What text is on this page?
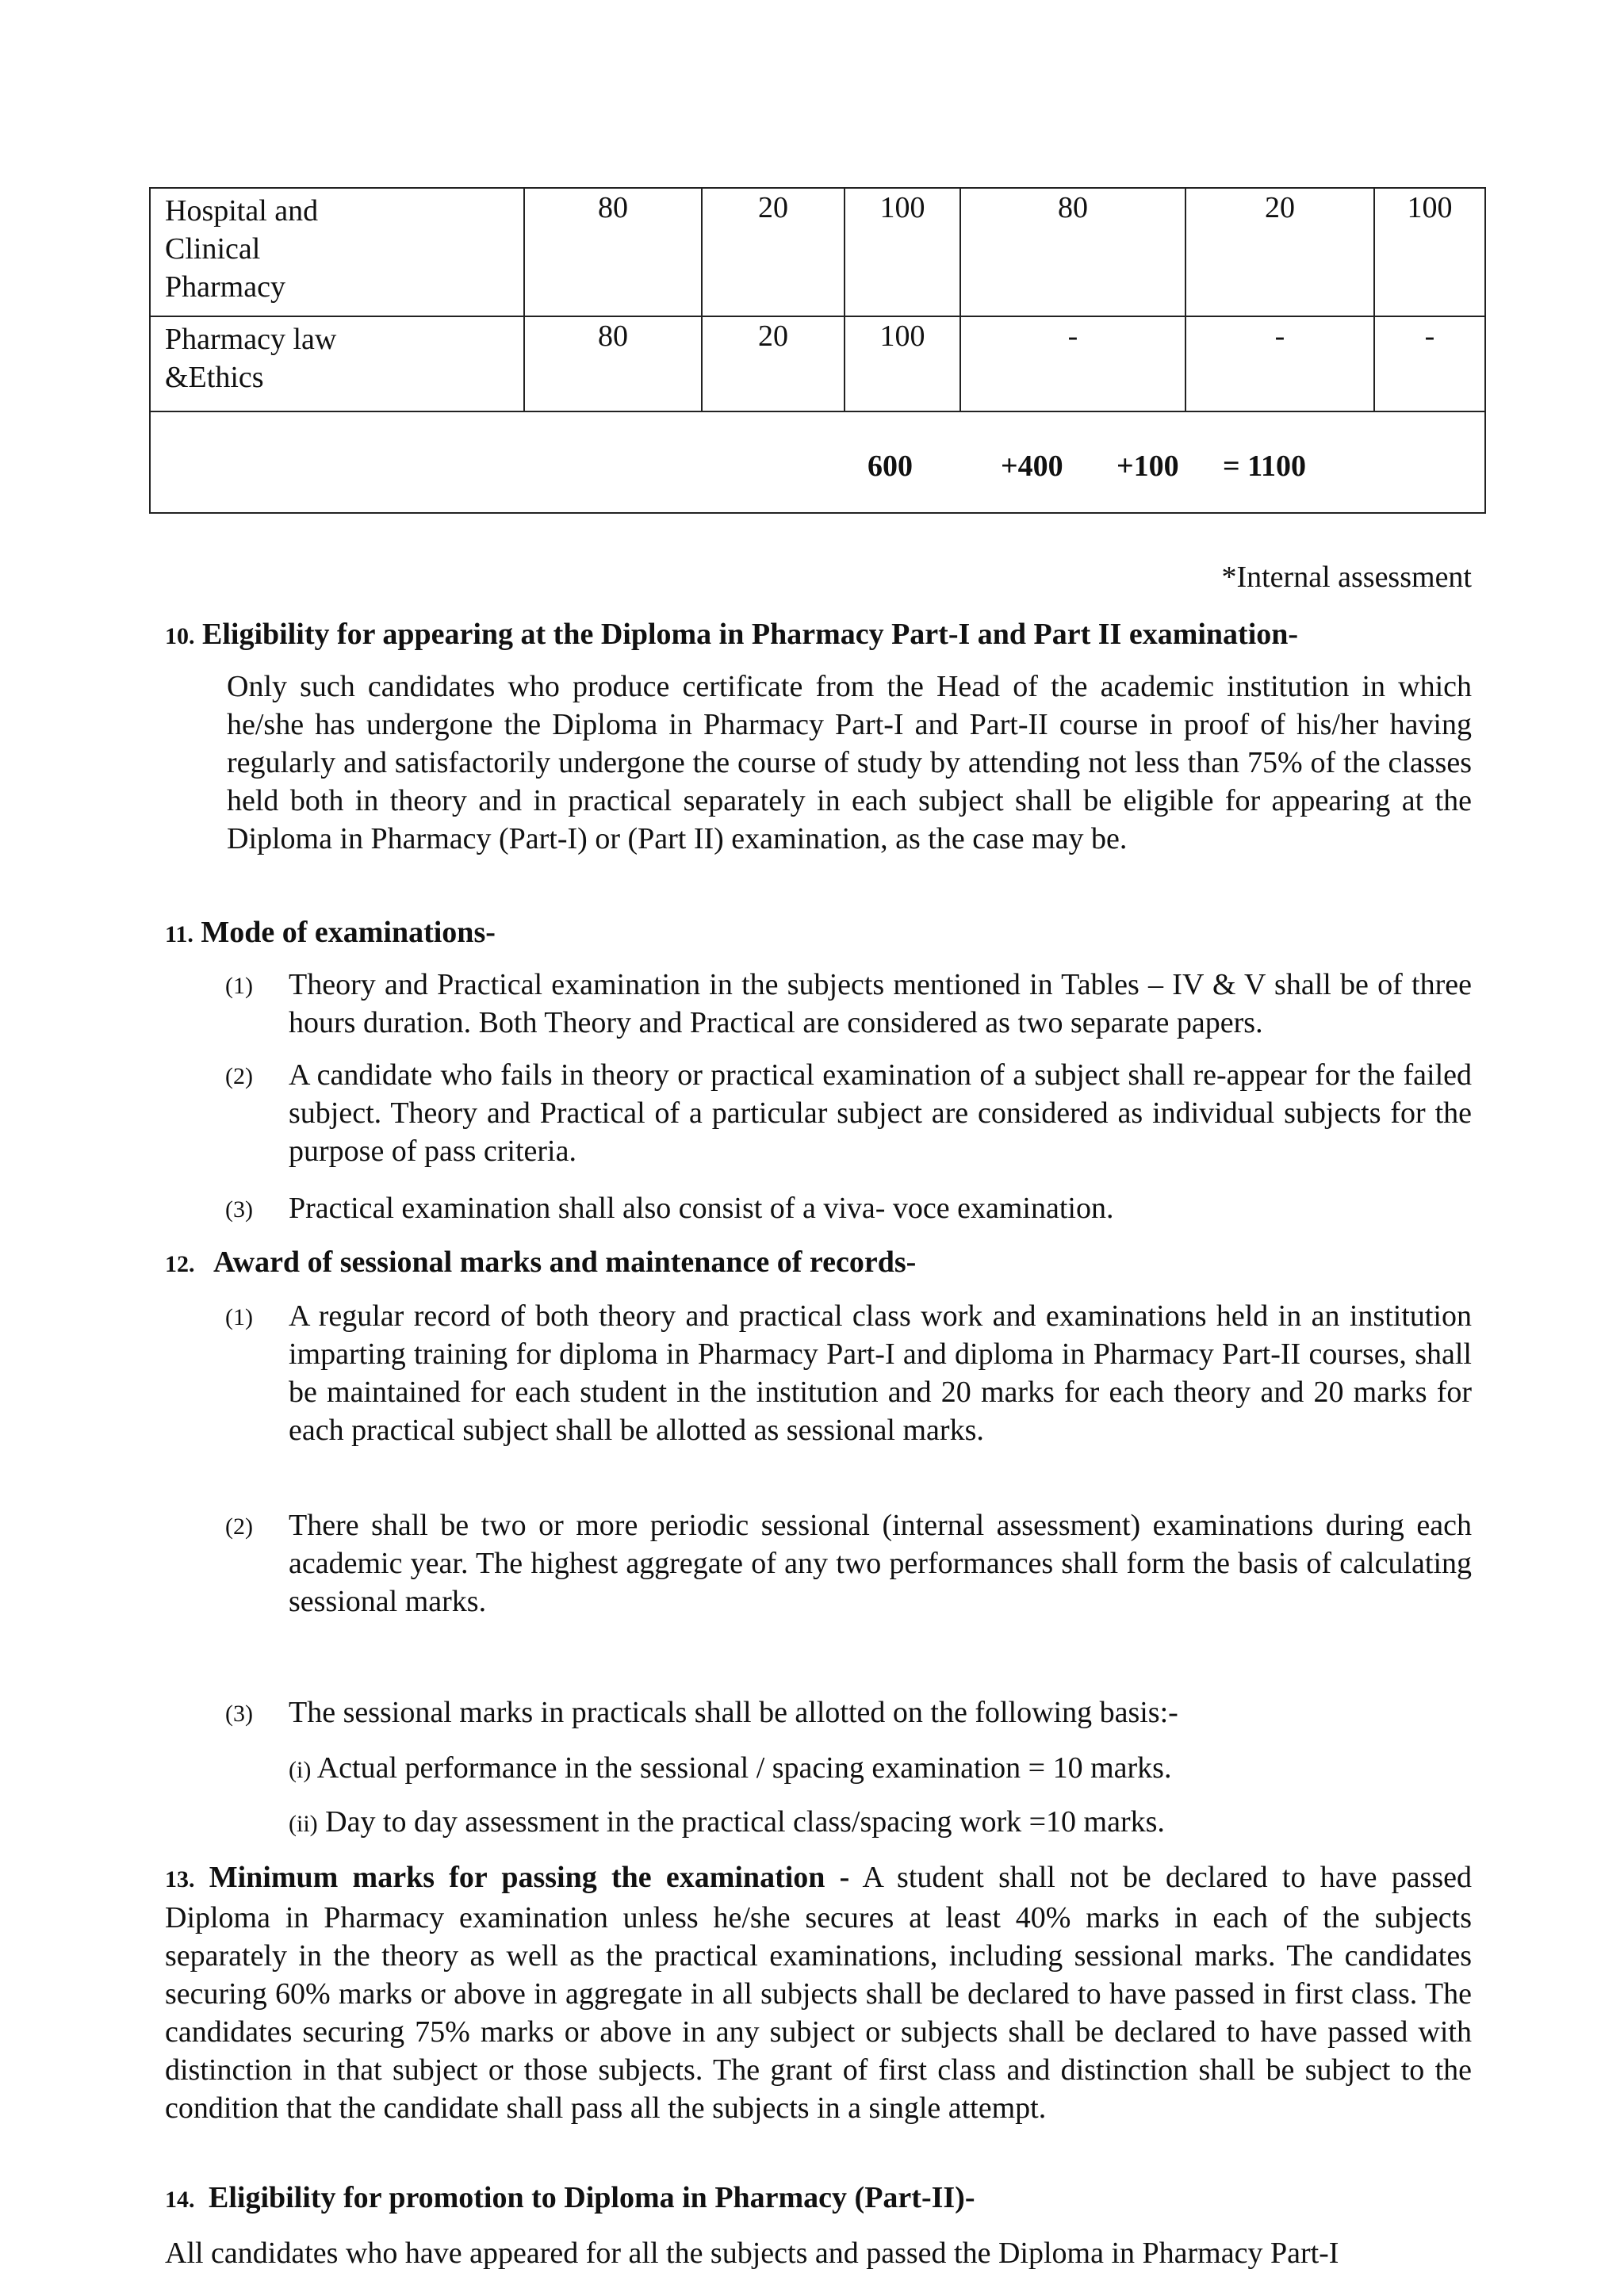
Hospital and
Clinical
Pharmacy	80	20	100	80	20	100

Pharmacy law
&Ethics	80	20	100	-	-	-

600	+400 +100 = 1100
*Internal assessment
10. Eligibility for appearing at the Diploma in Pharmacy Part-I and Part II examination-
Only such candidates who produce certificate from the Head of the academic institution in which he/she has undergone the Diploma in Pharmacy Part-I and Part-II course in proof of his/her having regularly and satisfactorily undergone the course of study by attending not less than 75% of the classes held both in theory and in practical separately in each subject shall be eligible for appearing at the Diploma in Pharmacy (Part-I) or (Part II) examination, as the case may be.
11. Mode of examinations-
(1) Theory and Practical examination in the subjects mentioned in Tables – IV & V shall be of three hours duration. Both Theory and Practical are considered as two separate papers.
(2) A candidate who fails in theory or practical examination of a subject shall re-appear for the failed subject. Theory and Practical of a particular subject are considered as individual subjects for the purpose of pass criteria.
(3) Practical examination shall also consist of a viva- voce examination.
12. Award of sessional marks and maintenance of records-
(1) A regular record of both theory and practical class work and examinations held in an institution imparting training for diploma in Pharmacy Part-I and diploma in Pharmacy Part-II courses, shall be maintained for each student in the institution and 20 marks for each theory and 20 marks for each practical subject shall be allotted as sessional marks.
(2) There shall be two or more periodic sessional (internal assessment) examinations during each academic year. The highest aggregate of any two performances shall form the basis of calculating sessional marks.
(3) The sessional marks in practicals shall be allotted on the following basis:-
(i) Actual performance in the sessional / spacing examination = 10 marks.
(ii) Day to day assessment in the practical class/spacing work =10 marks.
13. Minimum marks for passing the examination - A student shall not be declared to have passed Diploma in Pharmacy examination unless he/she secures at least 40% marks in each of the subjects separately in the theory as well as the practical examinations, including sessional marks. The candidates securing 60% marks or above in aggregate in all subjects shall be declared to have passed in first class. The candidates securing 75% marks or above in any subject or subjects shall be declared to have passed with distinction in that subject or those subjects. The grant of first class and distinction shall be subject to the condition that the candidate shall pass all the subjects in a single attempt.
14. Eligibility for promotion to Diploma in Pharmacy (Part-II)-
All candidates who have appeared for all the subjects and passed the Diploma in Pharmacy Part-I
